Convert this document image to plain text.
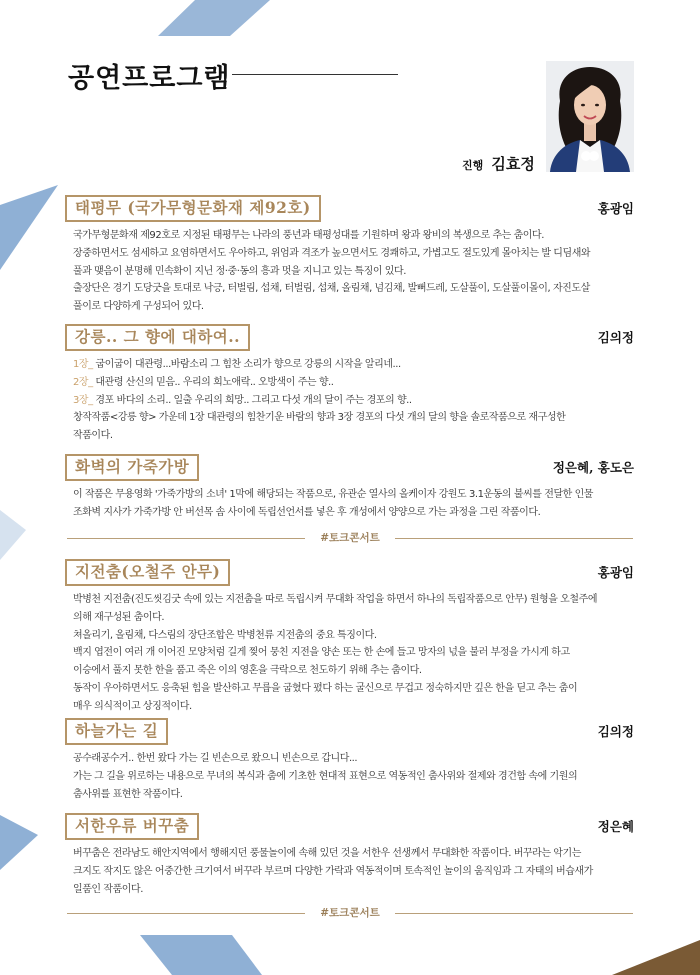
공연프로그램
진행 김효정
태평무 (국가무형문화재 제92호)	홍광임

국가무형문화재 제92호로 지정된 태평무는 나라의 풍년과 태평성대를 기원하며 왕과 왕비의 복생으로 추는 춤이다.

장중하면서도 섬세하고 요염하면서도 우아하고, 위엄과 격조가 높으면서도 경쾌하고, 가볍고도 절도있게 몰아치는 발 디딤새와

풀과 맺음이 분명해 민속화이 지닌 정·중·동의 흥과 멋을 지니고 있는 특징이 있다.

출장단은 경기 도당굿을 토대로 낙긍, 터벌림, 섭채, 터벌림, 섭채, 올림채, 넘김채, 발뻐드레, 도살풀이, 도살풀이몰이, 자진도살

풀이로 다양하게 구성되어 있다.

강릉.. 그 향에 대하여..	김의정

1장_ 굽이굽이 대관령...바람소리 그 힘찬 소리가 향으로 강릉의 시작을 알리네...

2장_ 대관령 산신의 믿음.. 우리의 희노애락.. 오방색이 주는 향..

3장_ 경포 바다의 소리.. 일출 우리의 희망.. 그리고 다섯 개의 달이 주는 경포의 향..

창작작품<강릉 향> 가운데 1장 대관령의 힘찬기운 바람의 향과 3장 경포의 다섯 개의 달의 향을 솔로작품으로 재구성한

작품이다.

화벽의 가죽가방	정은혜, 홍도은

이 작품은 무용영화 '가죽가방의 소녀' 1막에 해당되는 작품으로, 유관순 열사의 올케이자 강원도 3.1운동의 불씨를 전달한 인물

조화벽 지사가 가죽가방 안 버선목 솜 사이에 독립선언서를 넣은 후 개성에서 양양으로 가는 과정을 그린 작품이다.

#토크콘서트
지전춤(오철주 안무)	홍광임

박병천 지전춤(진도씻김굿 속에 있는 지전춤을 따로 독립시켜 무대화 작업을 하면서 하나의 독립작품으로 안무) 원형을 오철주에

의해 재구성된 춤이다.

쳐올리기, 올림채, 다스림의 장단조합은 박병천류 지전춤의 중요 특징이다.

백지 엽전이 여러 개 이어진 모양처럼 길게 찢어 뭉친 지전을 양손 또는 한 손에 들고 망자의 넋을 불러 부정을 가시게 하고

이승에서 풀지 못한 한을 품고 죽은 이의 영혼을 극락으로 천도하기 위해 추는 춤이다.

동작이 우아하면서도 응축된 힘을 발산하고 무릅을 굽혔다 폈다 하는 굴신으로 무겁고 정숙하지만 깊은 한을 딛고 추는 춤이

매우 의식적이고 상징적이다.

하늘가는 길	김의정

공수래공수거.. 한번 왔다 가는 길 빈손으로 왔으니 빈손으로 갑니다...

가는 그 길을 위로하는 내용으로 무녀의 복식과 춤에 기초한 현대적 표현으로 역동적인 춤사위와 절제와 경건함 속에 기원의

춤사위를 표현한 작품이다.

서한우류 버꾸춤	정은혜

버꾸춤은 전라남도 해안지역에서 행해지던 풍물놀이에 속해 있던 것을 서한우 선생께서 무대화한 작품이다. 버꾸라는 악기는

크지도 작지도 않은 어중간한 크기여서 버꾸라 부르며 다양한 가락과 역동적이며 토속적인 놀이의 움직임과 그 자태의 버습새가

일품인 작품이다.

#토크콘서트
